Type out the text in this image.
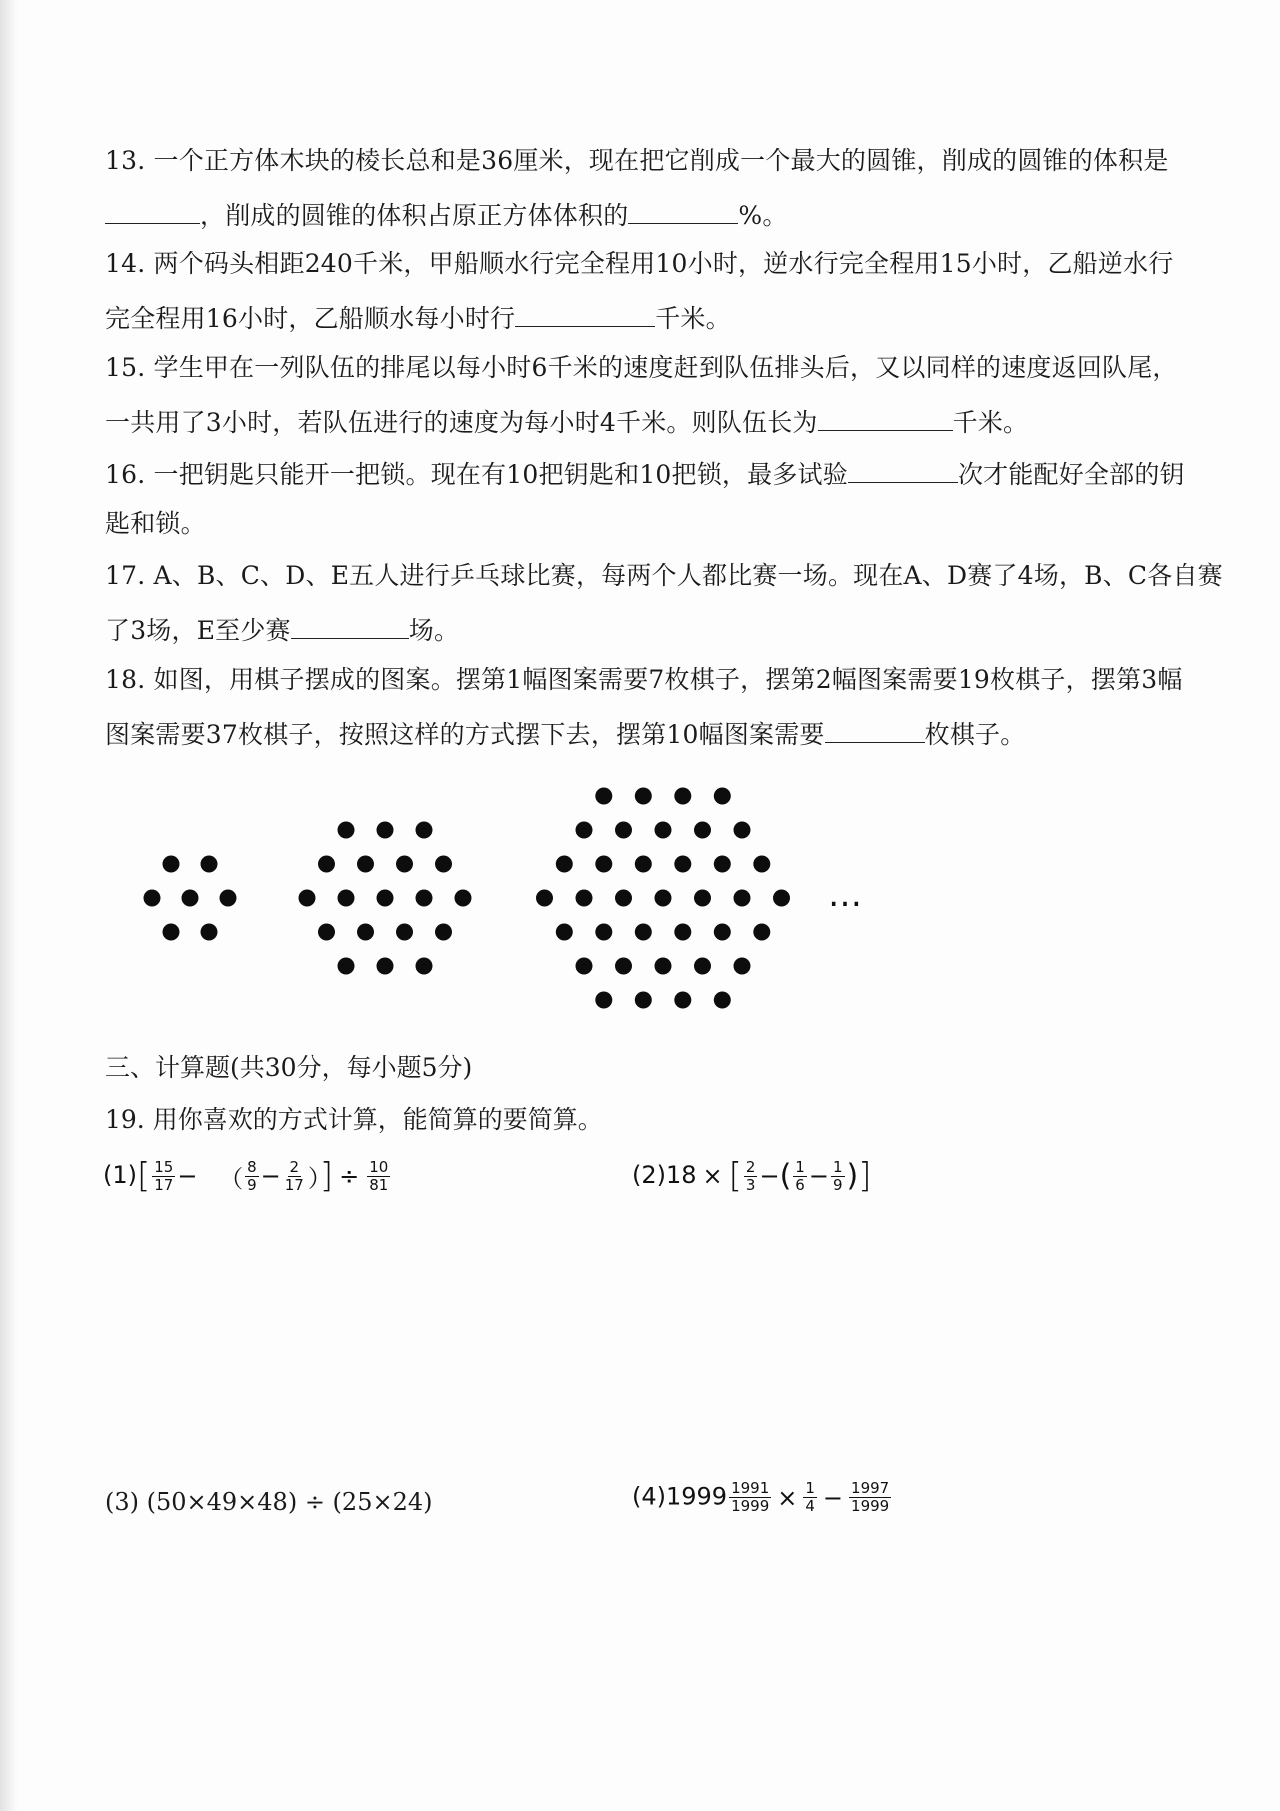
13. 一个正方体木块的棱长总和是36厘米，现在把它削成一个最大的圆锥，削成的圆锥的体积是
，削成的圆锥的体积占原正方体体积的	%。
14. 两个码头相距240千米，甲船顺水行完全程用10小时，逆水行完全程用15小时，乙船逆水行
完全程用16小时，乙船顺水每小时行	千米。
15. 学生甲在一列队伍的排尾以每小时6千米的速度赶到队伍排头后，又以同样的速度返回队尾，
一共用了3小时，若队伍进行的速度为每小时4千米。则队伍长为	千米。
16. 一把钥匙只能开一把锁。现在有10把钥匙和10把锁，最多试验	次才能配好全部的钥
匙和锁。
17. A、B、C、D、E五人进行乒乓球比赛，每两个人都比赛一场。现在A、D赛了4场，B、C各自赛
了3场，E至少赛	场。
18. 如图，用棋子摆成的图案。摆第1幅图案需要7枚棋子，摆第2幅图案需要19枚棋子，摆第3幅
图案需要37枚棋子，按照这样的方式摆下去，摆第10幅图案需要	枚棋子。
…
三、计算题(共30分，每小题5分)
19. 用你喜欢的方式计算，能简算的要简算。
$(1)[ \frac{15}{17}$ − （ $\frac{8}{9} - \frac{2}{17}$ ）] ÷ $\frac{10}{81}$	(2)18 × [ $\frac{2}{3}$ −( $\frac{1}{6} - \frac{1}{9}$ )]
(3) (50×49×48) ÷ (25×24)	$(4)1999 \frac{1991}{1999} \times \frac{1}{4} - \frac{1997}{1999}$
